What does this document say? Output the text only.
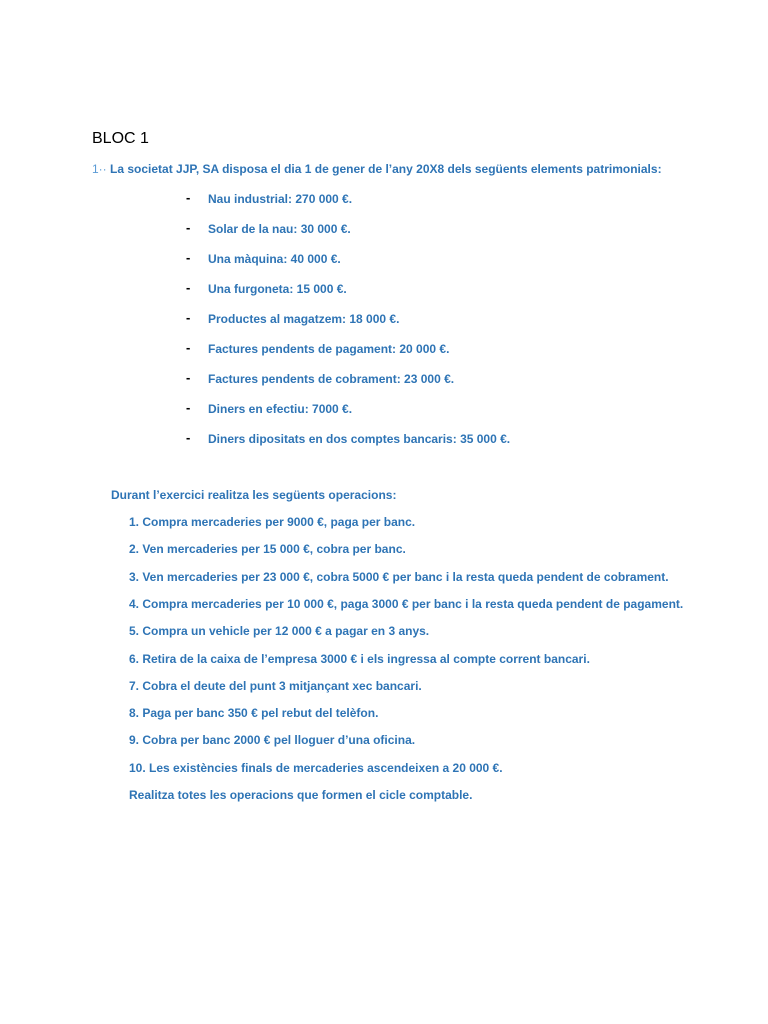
BLOC 1
1·· La societat JJP, SA disposa el dia 1 de gener de l’any 20X8 dels següents elements patrimonials:
- Nau industrial: 270 000 €.
- Solar de la nau: 30 000 €.
- Una màquina: 40 000 €.
- Una furgoneta: 15 000 €.
- Productes al magatzem: 18 000 €.
- Factures pendents de pagament: 20 000 €.
- Factures pendents de cobrament: 23 000 €.
- Diners en efectiu: 7000 €.
- Diners dipositats en dos comptes bancaris: 35 000 €.
Durant l’exercici realitza les següents operacions:
1. Compra mercaderies per 9000 €, paga per banc.
2. Ven mercaderies per 15 000 €, cobra per banc.
3. Ven mercaderies per 23 000 €, cobra 5000 € per banc i la resta queda pendent de cobrament.
4. Compra mercaderies per 10 000 €, paga 3000 € per banc i la resta queda pendent de pagament.
5. Compra un vehicle per 12 000 € a pagar en 3 anys.
6. Retira de la caixa de l’empresa 3000 € i els ingressa al compte corrent bancari.
7. Cobra el deute del punt 3 mitjançant xec bancari.
8. Paga per banc 350 € pel rebut del telèfon.
9. Cobra per banc 2000 € pel lloguer d’una oficina.
10. Les existències finals de mercaderies ascendeixen a 20 000 €.
Realitza totes les operacions que formen el cicle comptable.
